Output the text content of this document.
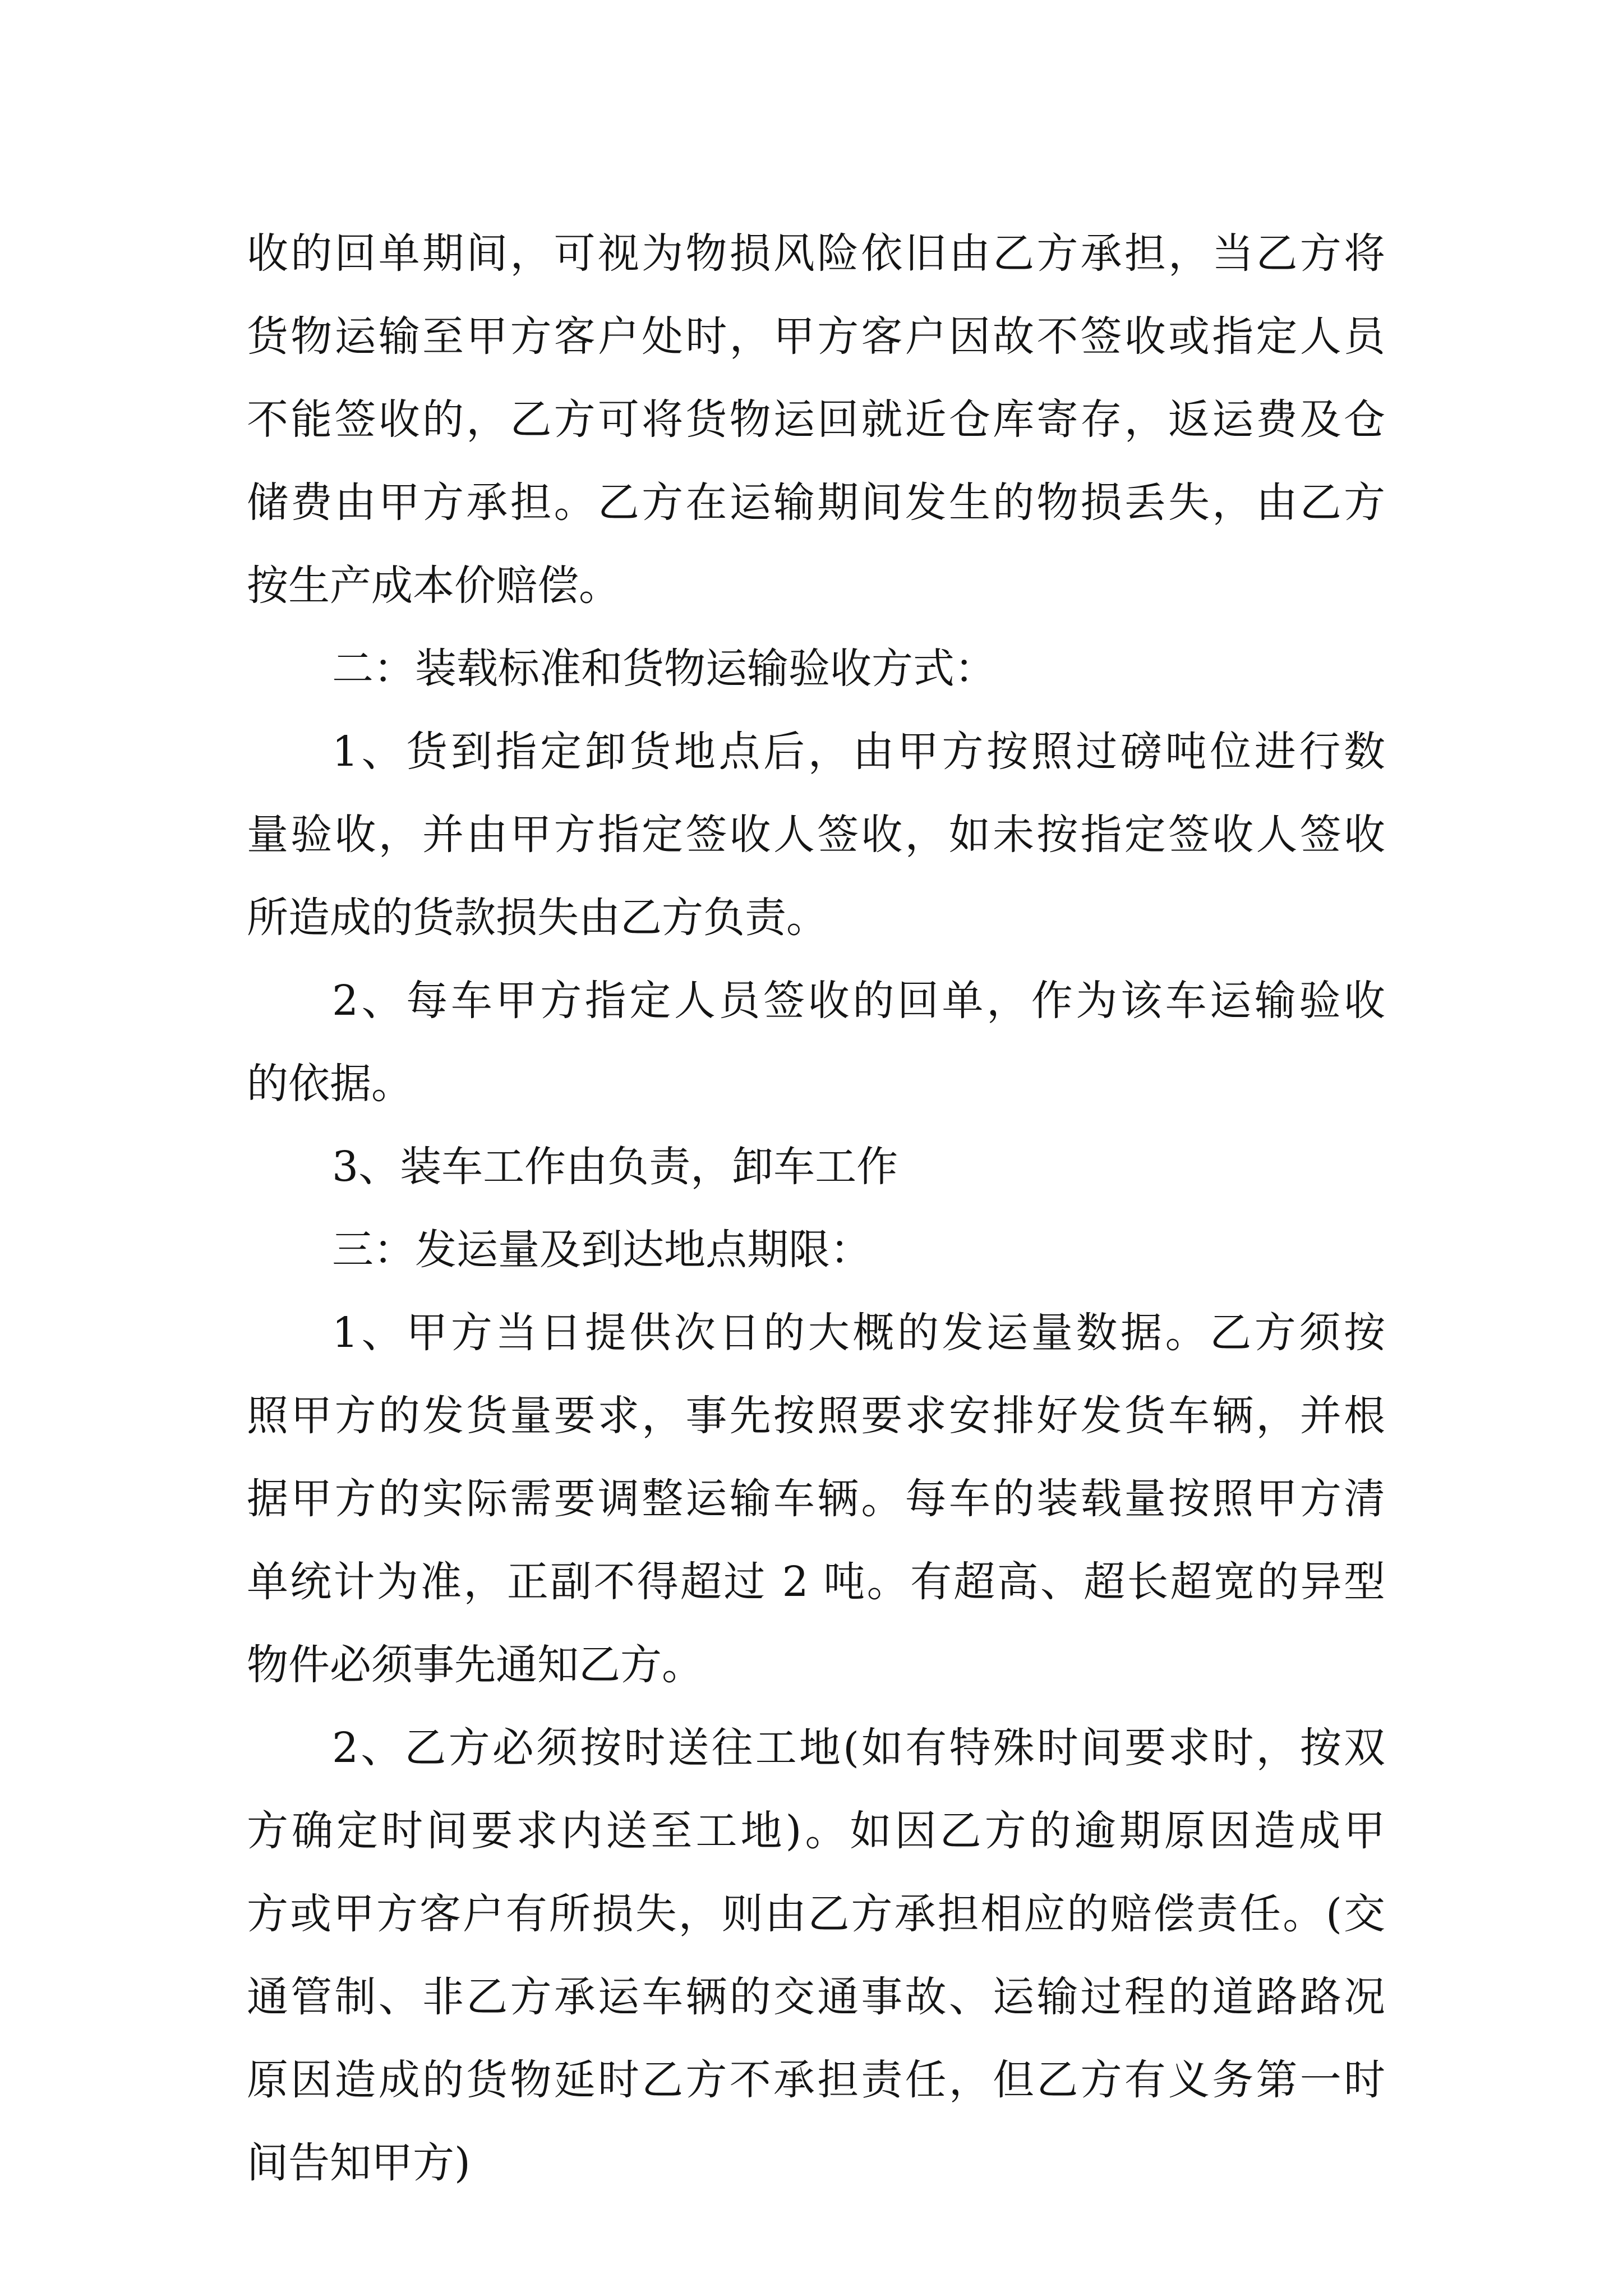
收的回单期间，可视为物损风险依旧由乙方承担，当乙方将
货物运输至甲方客户处时，甲方客户因故不签收或指定人员
不能签收的，乙方可将货物运回就近仓库寄存，返运费及仓
储费由甲方承担。乙方在运输期间发生的物损丢失，由乙方
按生产成本价赔偿。
二：装载标准和货物运输验收方式：
1、货到指定卸货地点后，由甲方按照过磅吨位进行数
量验收，并由甲方指定签收人签收，如未按指定签收人签收
所造成的货款损失由乙方负责。
2、每车甲方指定人员签收的回单，作为该车运输验收
的依据。
3、装车工作由负责，卸车工作
三：发运量及到达地点期限：
1、甲方当日提供次日的大概的发运量数据。乙方须按
照甲方的发货量要求，事先按照要求安排好发货车辆，并根
据甲方的实际需要调整运输车辆。每车的装载量按照甲方清
单统计为准，正副不得超过 2 吨。有超高、超长超宽的异型
物件必须事先通知乙方。
2、乙方必须按时送往工地(如有特殊时间要求时，按双
方确定时间要求内送至工地)。如因乙方的逾期原因造成甲
方或甲方客户有所损失，则由乙方承担相应的赔偿责任。(交
通管制、非乙方承运车辆的交通事故、运输过程的道路路况
原因造成的货物延时乙方不承担责任，但乙方有义务第一时
间告知甲方)
